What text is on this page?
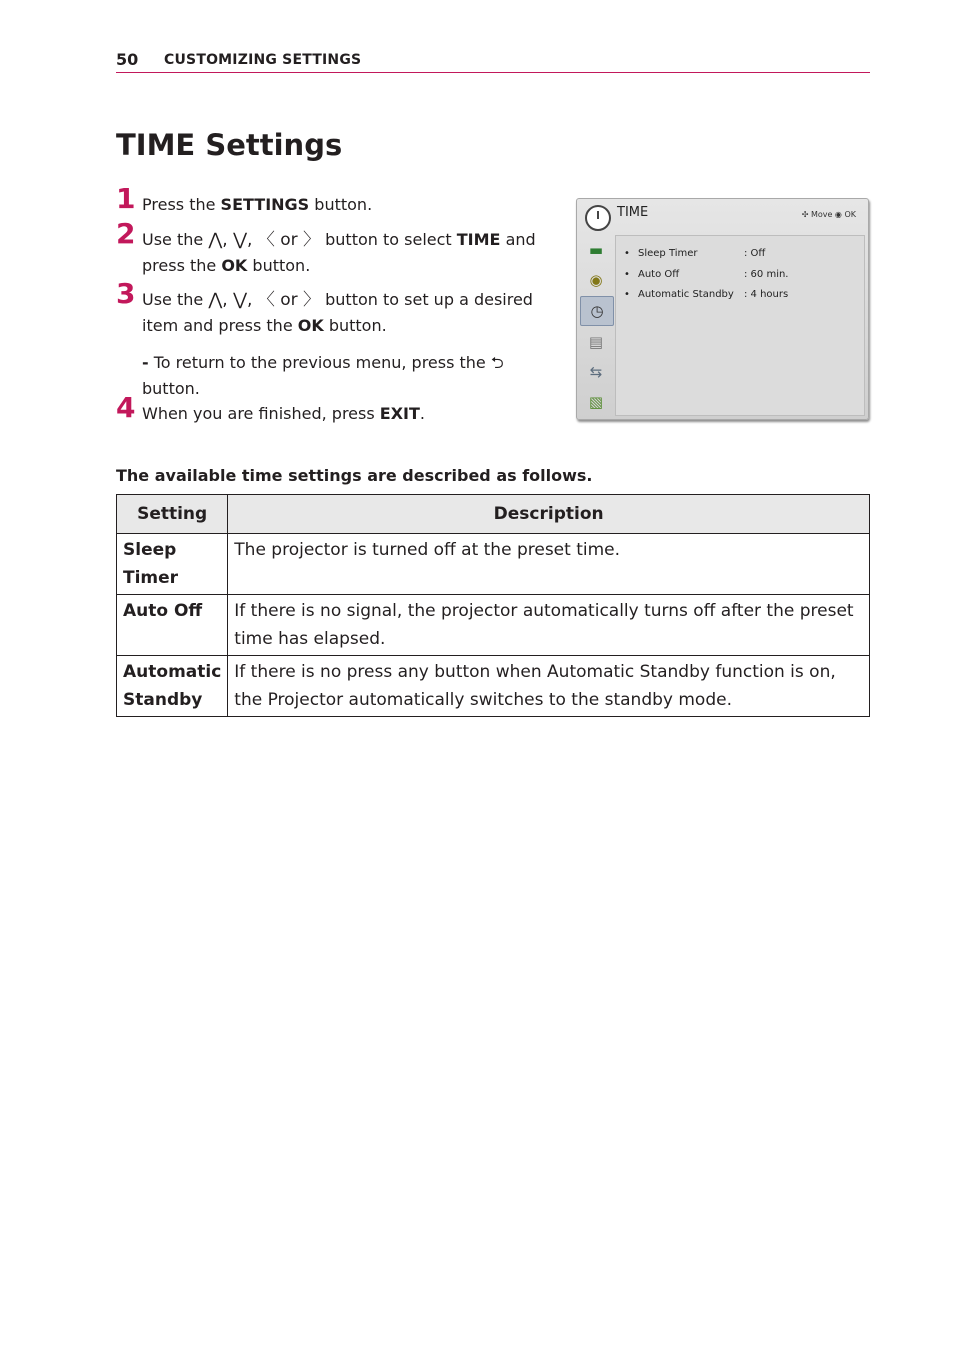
50 CUSTOMIZING SETTINGS
TIME Settings
1 Press the SETTINGS button.
2 Use the ⋀, ⋁, 〈 or 〉 button to select TIME and press the OK button.
3 Use the ⋀, ⋁, 〈 or 〉 button to set up a desired item and press the OK button.
- To return to the previous menu, press the ⮌ button.
4 When you are finished, press EXIT.
TIME	✣ Move ◉ OK
▬
◉
◷
▤
⇆
▧
• Sleep Timer	: Off
• Auto Off	: 60 min.
• Automatic Standby : 4 hours
The available time settings are described as follows.
Setting	Description
Sleep
Timer	The projector is turned off at the preset time.
Auto Off	If there is no signal, the projector automatically turns off after the preset time has elapsed.
Automatic
Standby	If there is no press any button when Automatic Standby function is on, the Projector automatically switches to the standby mode.
